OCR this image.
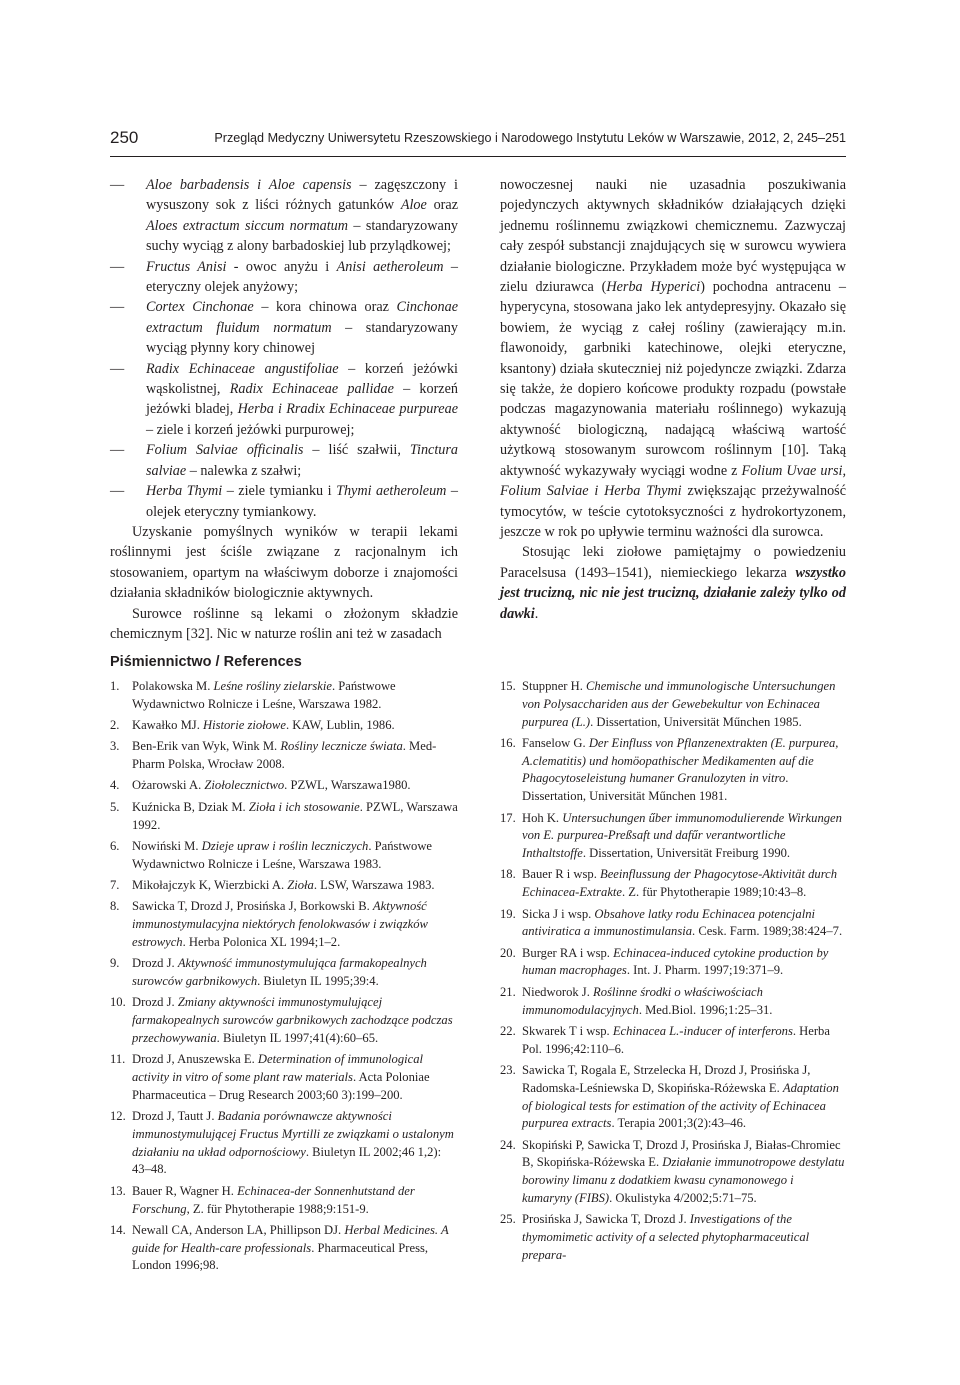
250	Przegląd Medyczny Uniwersytetu Rzeszowskiego i Narodowego Instytutu Leków w Warszawie, 2012, 2, 245–251

— Aloe barbadensis i Aloe capensis – zagęszczony i wysuszony sok z liści różnych gatunków Aloe oraz Aloes extractum siccum normatum – standaryzowany suchy wyciąg z alony barbadoskiej lub przylądkowej;

— Fructus Anisi - owoc anyżu i Anisi aetheroleum – eteryczny olejek anyżowy;

— Cortex Cinchonae – kora chinowa oraz Cinchonae extractum fluidum normatum – standaryzowany wyciąg płynny kory chinowej

— Radix Echinaceae angustifoliae – korzeń jeżówki wąskolistnej, Radix Echinaceae pallidae – korzeń jeżówki bladej, Herba i Rradix Echinaceae purpureae – ziele i korzeń jeżówki purpurowej;

— Folium Salviae officinalis – liść szałwii, Tinctura salviae – nalewka z szałwi;

— Herba Thymi – ziele tymianku i Thymi aetheroleum – olejek eteryczny tymiankowy.

Uzyskanie pomyślnych wyników w terapii lekami roślinnymi jest ściśle związane z racjonalnym ich stosowaniem, opartym na właściwym doborze i znajomości działania składników biologicznie aktywnych.

Surowce roślinne są lekami o złożonym składzie chemicznym [32]. Nic w naturze roślin ani też w zasadach

nowoczesnej nauki nie uzasadnia poszukiwania pojedynczych aktywnych składników działających dzięki jednemu roślinnemu związkowi chemicznemu. Zazwyczaj cały zespół substancji znajdujących się w surowcu wywiera działanie biologiczne. Przykładem może być występująca w zielu dziurawca (Herba Hyperici) pochodna antracenu – hyperycyna, stosowana jako lek antydepresyjny. Okazało się bowiem, że wyciąg z całej rośliny (zawierający m.in. flawonoidy, garbniki katechinowe, olejki eteryczne, ksantony) działa skuteczniej niż pojedyncze związki. Zdarza się także, że dopiero końcowe produkty rozpadu (powstałe podczas magazynowania materiału roślinnego) wykazują aktywność biologiczną, nadającą właściwą wartość użytkową stosowanym surowcom roślinnym [10]. Taką aktywność wykazywały wyciągi wodne z Folium Uvae ursi, Folium Salviae i Herba Thymi zwiększając przeżywalność tymocytów, w teście cytotoksyczności z hydrokortyzonem, jeszcze w rok po upływie terminu ważności dla surowca.

Stosując leki ziołowe pamiętajmy o powiedzeniu Paracelsusa (1493–1541), niemieckiego lekarza wszystko jest trucizną, nic nie jest trucizną, działanie zależy tylko od dawki.

Piśmiennictwo / References

1. Polakowska M. Leśne rośliny zielarskie. Państwowe Wydawnictwo Rolnicze i Leśne, Warszawa 1982.

2. Kawałko MJ. Historie ziołowe. KAW, Lublin, 1986.

3. Ben-Erik van Wyk, Wink M. Rośliny lecznicze świata. Med-Pharm Polska, Wrocław 2008.

4. Ożarowski A. Ziołolecznictwo. PZWL, Warszawa1980.

5. Kuźnicka B, Dziak M. Zioła i ich stosowanie. PZWL, Warszawa 1992.

6. Nowiński M. Dzieje upraw i roślin leczniczych. Państwowe Wydawnictwo Rolnicze i Leśne, Warszawa 1983.

7. Mikołajczyk K, Wierzbicki A. Zioła. LSW, Warszawa 1983.

8. Sawicka T, Drozd J, Prosińska J, Borkowski B. Aktywność immunostymulacyjna niektórych fenolokwasów i związków estrowych. Herba Polonica XL 1994;1–2.

9. Drozd J. Aktywność immunostymulująca farmakopealnych surowców garbnikowych. Biuletyn IL 1995;39:4.

10. Drozd J. Zmiany aktywności immunostymulującej farmakopealnych surowców garbnikowych zachodzące podczas przechowywania. Biuletyn IL 1997;41(4):60–65.

11. Drozd J, Anuszewska E. Determination of immunological activity in vitro of some plant raw materials. Acta Poloniae Pharmaceutica – Drug Research 2003;60 3):199–200.

12. Drozd J, Tautt J. Badania porównawcze aktywności immunostymulującej Fructus Myrtilli ze związkami o ustalonym działaniu na układ odpornościowy. Biuletyn IL 2002;46 1,2): 43–48.

13. Bauer R, Wagner H. Echinacea-der Sonnenhutstand der Forschung, Z. für Phytotherapie 1988;9:151-9.

14. Newall CA, Anderson LA, Phillipson DJ. Herbal Medicines. A guide for Health-care professionals. Pharmaceutical Press, London 1996;98.

15. Stuppner H. Chemische und immunologische Untersuchungen von Polysacchariden aus der Gewebekultur von Echinacea purpurea (L.). Dissertation, Universität Műnchen 1985.

16. Fanselow G. Der Einfluss von Pflanzenextrakten (E. purpurea, A.clematitis) und homöopathischer Medikamenten auf die Phagocytoseleistung humaner Granulozyten in vitro. Dissertation, Universität Műnchen 1981.

17. Hoh K. Untersuchungen űber immunomodulierende Wirkungen von E. purpurea-Preßsaft und dafűr verantwortliche Inthaltstoffe. Dissertation, Universität Freiburg 1990.

18. Bauer R i wsp. Beeinflussung der Phagocytose-Aktivität durch Echinacea-Extrakte. Z. für Phytotherapie 1989;10:43–8.

19. Sicka J i wsp. Obsahove latky rodu Echinacea potencjalni antiviratica a immunostimulansia. Cesk. Farm. 1989;38:424–7.

20. Burger RA i wsp. Echinacea-induced cytokine production by human macrophages. Int. J. Pharm. 1997;19:371–9.

21. Niedworok J. Roślinne środki o właściwościach immunomodulacyjnych. Med.Biol. 1996;1:25–31.

22. Skwarek T i wsp. Echinacea L.-inducer of interferons. Herba Pol. 1996;42:110–6.

23. Sawicka T, Rogala E, Strzelecka H, Drozd J, Prosińska J, Radomska-Leśniewska D, Skopińska-Różewska E. Adaptation of biological tests for estimation of the activity of Echinacea purpurea extracts. Terapia 2001;3(2):43–46.

24. Skopiński P, Sawicka T, Drozd J, Prosińska J, Białas-Chromiec B, Skopińska-Różewska E. Działanie immunotropowe destylatu borowiny limanu z dodatkiem kwasu cynamonowego i kumaryny (FIBS). Okulistyka 4/2002;5:71–75.

25. Prosińska J, Sawicka T, Drozd J. Investigations of the thymomimetic activity of a selected phytopharmaceutical prepara-
